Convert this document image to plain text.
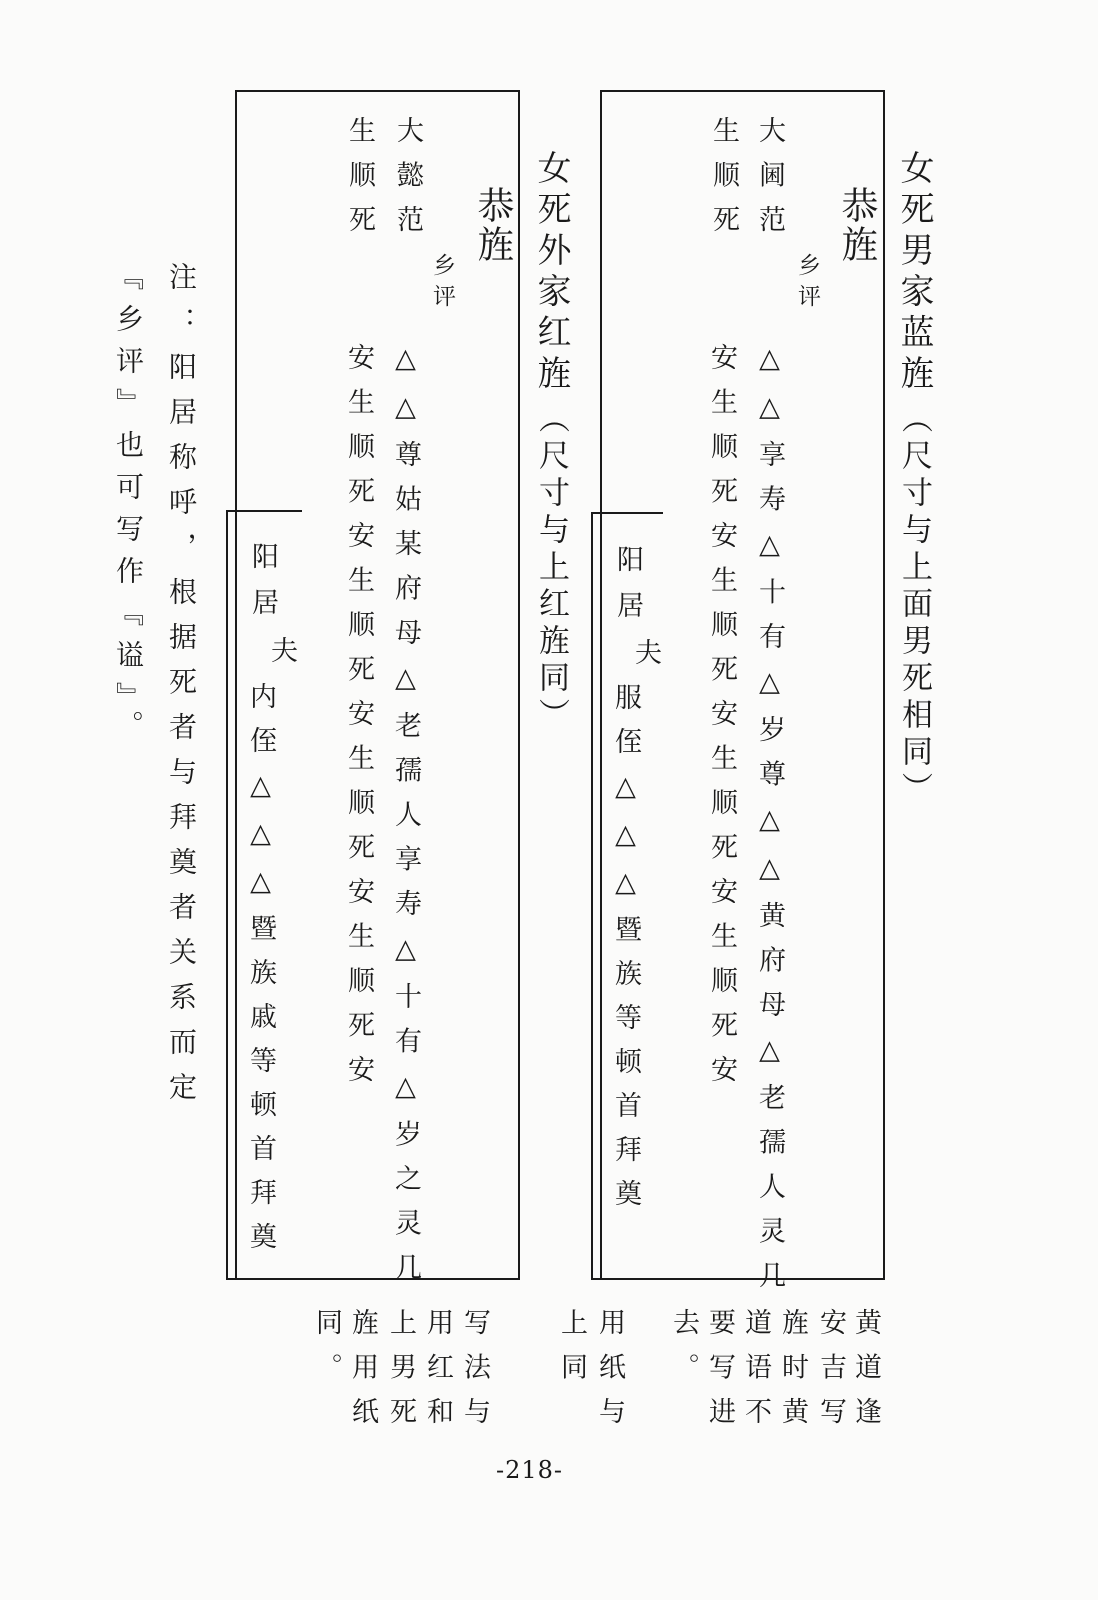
女死男家蓝旌
（尺寸与上面男死相同）
恭旌
大阃范
生顺死
乡评
△△享寿△十有△岁尊△△黄府母△老孺人灵几
安生顺死安生顺死安生顺死安生顺死安
阳居
夫
服侄△△△暨族等顿首拜奠
黄道逢
安吉写
旌时黄
道语不
要写进
去。
用纸与
上同
女死外家红旌
（尺寸与上红旌同）
恭旌
大懿范
生顺死
乡评
△△尊姑某府母△老孺人享寿△十有△岁之灵几
安生顺死安生顺死安生顺死安生顺死安
阳居
夫
内侄△△△暨族戚等顿首拜奠
写法与
用红和
上男死
旌用纸
同。
注：阳居称呼，根据死者与拜奠者关系而定
『乡评』也可写作『谥』。
-218-
